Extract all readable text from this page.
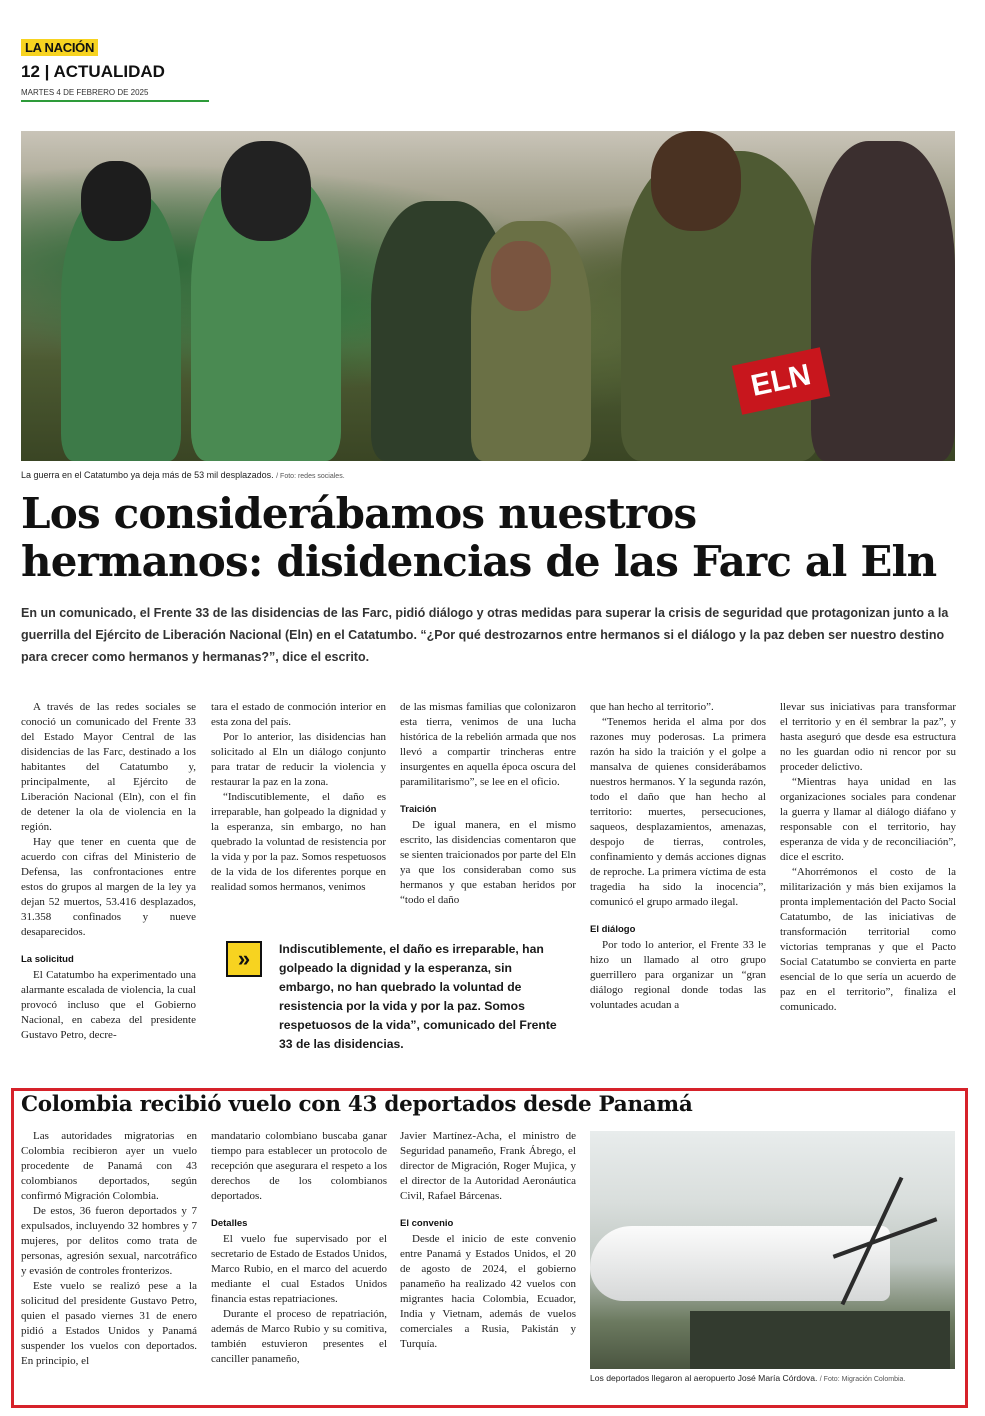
LA NACIÓN
12 | ACTUALIDAD
MARTES 4 DE FEBRERO DE 2025
ELN
La guerra en el Catatumbo ya deja más de 53 mil desplazados. / Foto: redes sociales.
Los considerábamos nuestros
hermanos: disidencias de las Farc al Eln

En un comunicado, el Frente 33 de las disidencias de las Farc, pidió diálogo y otras medidas para superar la crisis de seguridad que protagonizan junto a la guerrilla del Ejército de Liberación Nacional (Eln) en el Catatumbo. “¿Por qué destrozarnos entre hermanos si el diálogo y la paz deben ser nuestro destino para crecer como hermanos y hermanas?”, dice el escrito.

A través de las redes sociales se conoció un comunicado del Frente 33 del Estado Mayor Central de las disidencias de las Farc, destinado a los habitantes del Catatumbo y, principalmente, al Ejército de Liberación Nacional (Eln), con el fin de detener la ola de violencia en la región.

Hay que tener en cuenta que de acuerdo con cifras del Ministerio de Defensa, las confrontaciones entre estos do grupos al margen de la ley ya dejan 52 muertos, 53.416 desplazados, 31.358 confinados y nueve desaparecidos.

La solicitud

El Catatumbo ha experimentado una alarmante escalada de violencia, la cual provocó incluso que el Gobierno Nacional, en cabeza del presidente Gustavo Petro, decre-

tara el estado de conmoción interior en esta zona del país.

Por lo anterior, las disidencias han solicitado al Eln un diálogo conjunto para tratar de reducir la violencia y restaurar la paz en la zona.

“Indiscutiblemente, el daño es irreparable, han golpeado la dignidad y la esperanza, sin embargo, no han quebrado la voluntad de resistencia por la vida y por la paz. Somos respetuosos de la vida de los diferentes porque en realidad somos hermanos, venimos

de las mismas familias que colonizaron esta tierra, venimos de una lucha histórica de la rebelión armada que nos llevó a compartir trincheras entre insurgentes en aquella época oscura del paramilitarismo”, se lee en el oficio.

Traición

De igual manera, en el mismo escrito, las disidencias comentaron que se sienten traicionados por parte del Eln ya que los consideraban como sus hermanos y que estaban heridos por “todo el daño

que han hecho al territorio”.

“Tenemos herida el alma por dos razones muy poderosas. La primera razón ha sido la traición y el golpe a mansalva de quienes considerábamos nuestros hermanos. Y la segunda razón, todo el daño que han hecho al territorio: muertes, persecuciones, saqueos, desplazamientos, amenazas, despojo de tierras, controles, confinamiento y demás acciones dignas de reproche. La primera víctima de esta tragedia ha sido la inocencia”, comunicó el grupo armado ilegal.

El diálogo

Por todo lo anterior, el Frente 33 le hizo un llamado al otro grupo guerrillero para organizar un “gran diálogo regional donde todas las voluntades acudan a

llevar sus iniciativas para transformar el territorio y en él sembrar la paz”, y hasta aseguró que desde esa estructura no les guardan odio ni rencor por su proceder delictivo.

“Mientras haya unidad en las organizaciones sociales para condenar la guerra y llamar al diálogo diáfano y responsable con el territorio, hay esperanza de vida y de reconciliación”, dice el escrito.

“Ahorrémonos el costo de la militarización y más bien exijamos la pronta implementación del Pacto Social Catatumbo, de las iniciativas de transformación territorial como victorias tempranas y que el Pacto Social Catatumbo se convierta en parte esencial de lo que sería un acuerdo de paz en el territorio”, finaliza el comunicado.

»	Indiscutiblemente, el daño es irreparable, han golpeado la dignidad y la esperanza, sin embargo, no han quebrado la voluntad de resistencia por la vida y por la paz. Somos respetuosos de la vida”, comunicado del Frente 33 de las disidencias.

Colombia recibió vuelo con 43 deportados desde Panamá

Las autoridades migratorias en Colombia recibieron ayer un vuelo procedente de Panamá con 43 colombianos deportados, según confirmó Migración Colombia.

De estos, 36 fueron deportados y 7 expulsados, incluyendo 32 hombres y 7 mujeres, por delitos como trata de personas, agresión sexual, narcotráfico y evasión de controles fronterizos.

Este vuelo se realizó pese a la solicitud del presidente Gustavo Petro, quien el pasado viernes 31 de enero pidió a Estados Unidos y Panamá suspender los vuelos con deportados. En principio, el

mandatario colombiano buscaba ganar tiempo para establecer un protocolo de recepción que asegurara el respeto a los derechos de los colombianos deportados.

Detalles

El vuelo fue supervisado por el secretario de Estado de Estados Unidos, Marco Rubio, en el marco del acuerdo mediante el cual Estados Unidos financia estas repatriaciones.

Durante el proceso de repatriación, además de Marco Rubio y su comitiva, también estuvieron presentes el canciller panameño,

Javier Martínez-Acha, el ministro de Seguridad panameño, Frank Ábrego, el director de Migración, Roger Mujica, y el director de la Autoridad Aeronáutica Civil, Rafael Bárcenas.

El convenio

Desde el inicio de este convenio entre Panamá y Estados Unidos, el 20 de agosto de 2024, el gobierno panameño ha realizado 42 vuelos con migrantes hacia Colombia, Ecuador, India y Vietnam, además de vuelos comerciales a Rusia, Pakistán y Turquía.

Los deportados llegaron al aeropuerto José María Córdova. / Foto: Migración Colombia.
